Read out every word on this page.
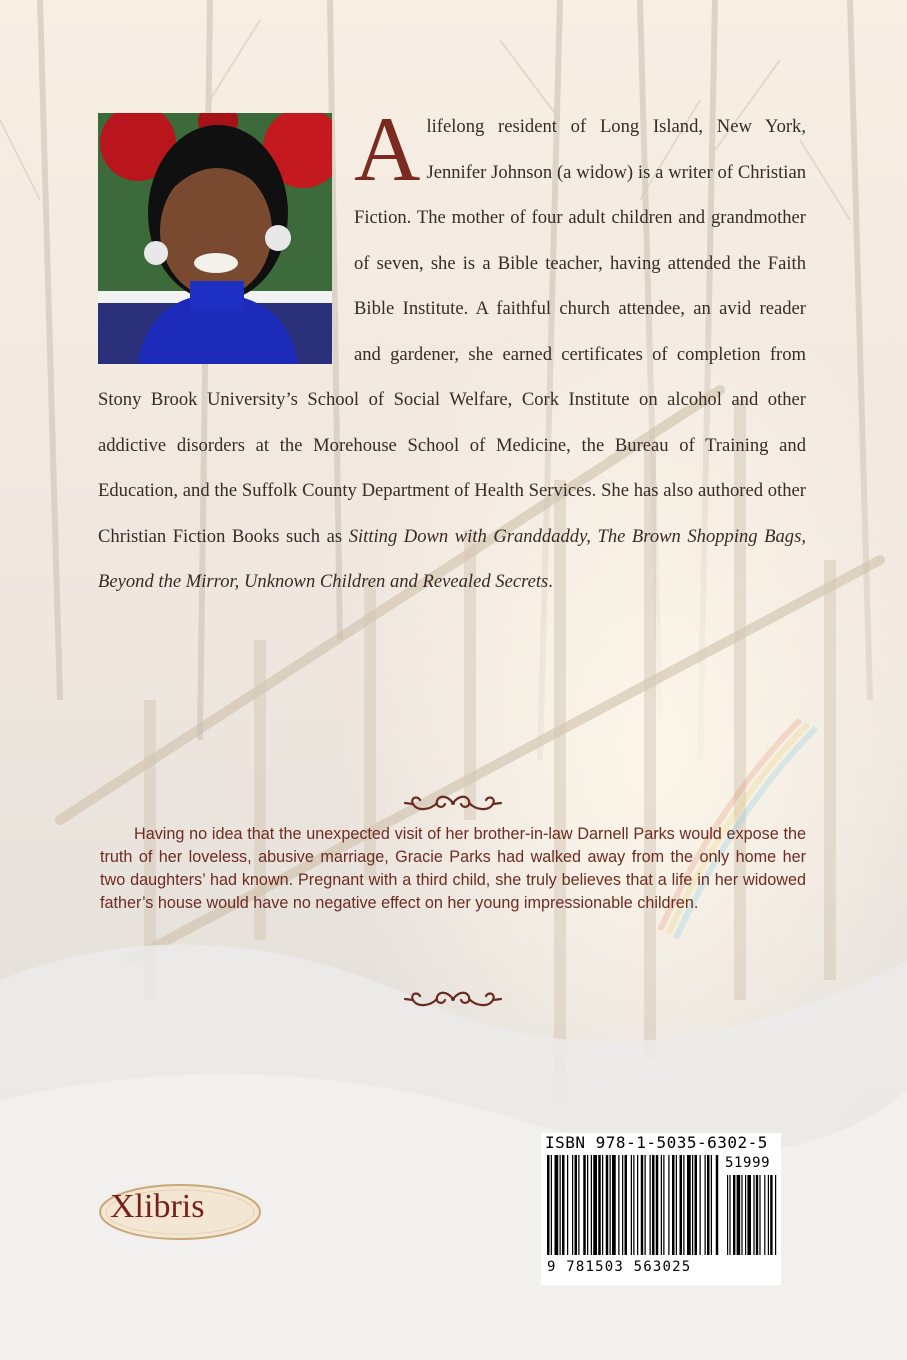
Alifelong resident of Long Island, New York, Jennifer Johnson (a widow) is a writer of Christian Fiction. The mother of four adult children and grandmother of seven, she is a Bible teacher, having attended the Faith Bible Institute. A faithful church attendee, an avid reader and gardener, she earned certificates of completion from Stony Brook University’s School of Social Welfare, Cork Institute on alcohol and other addictive disorders at the Morehouse School of Medicine, the Bureau of Training and Education, and the Suffolk County Department of Health Services. She has also authored other Christian Fiction Books such as Sitting Down with Granddaddy, The Brown Shopping Bags, Beyond the Mirror, Unknown Children and Revealed Secrets.

Having no idea that the unexpected visit of her brother-in-law Darnell Parks would expose the truth of her loveless, abusive marriage, Gracie Parks had walked away from the only home her two daughters’ had known. Pregnant with a third child, she truly believes that a life in her widowed father’s house would have no negative effect on her young impressionable children.

Xlibris
ISBN 978-1-5035-6302-5
51999
9 781503 563025
